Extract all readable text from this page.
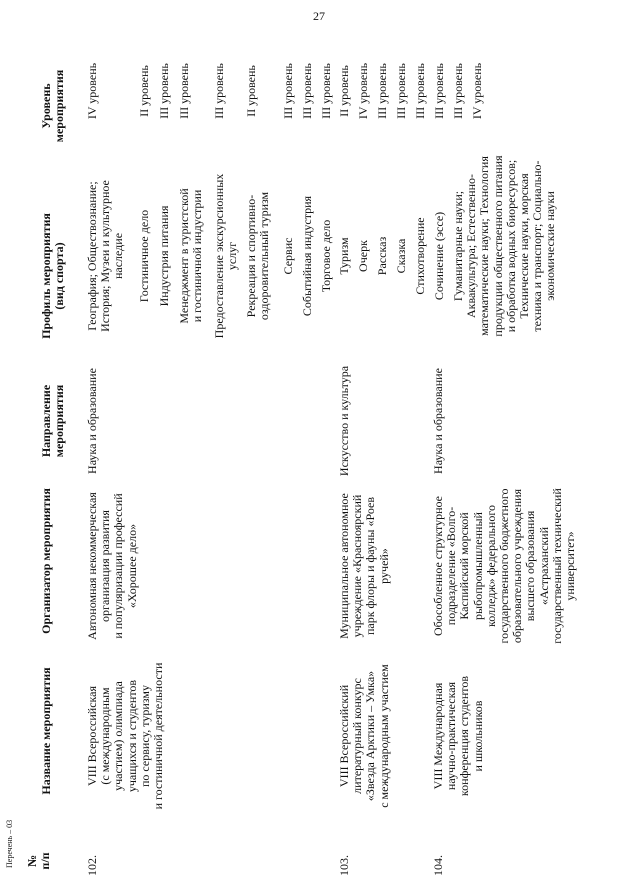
27
Перечень – 03 №
п/п
Название мероприятия
Организатор мероприятия
Направление
мероприятия
Профиль мероприятия
(вид спорта)
Уровень
мероприятия
102.
VIII Всероссийская
(с международным
участием) олимпиада
учащихся и студентов
по сервису, туризму
и гостиничной деятельности
Автономная некоммерческая
организация развития
и популяризации профессий
«Хорошее дело»
Наука и образование
География; Обществознание;
История; Музеи и культурное
наследие
IV уровень
Гостиничное дело
II уровень
Индустрия питания
III уровень
Менеджмент в туристской
и гостиничной индустрии
III уровень
Предоставление экскурсионных
услуг
III уровень
Рекреация и спортивно-
оздоровительный туризм
II уровень
Сервис
III уровень
Событийная индустрия
III уровень
Торговое дело
III уровень
103.
VIII Всероссийский
литературный конкурс
«Звезда Арктики – Умка»
с международным участием
Муниципальное автономное
учреждение «Красноярский
парк флоры и фауны «Роев
ручей»
Искусство и культура
Туризм
II уровень
Очерк
IV уровень
Рассказ
III уровень
Сказка
III уровень
Стихотворение
III уровень
Сочинение (эссе)
III уровень
104.
VIII Международная
научно-практическая
конференция студентов
и школьников
Обособленное структурное
подразделение «Волго-
Каспийский морской
рыбопромышленный
колледж» федерального
государственного бюджетного
образовательного учреждения
высшего образования
«Астраханский
государственный технический
университет»
Наука и образование
Гуманитарные науки;
Аквакультура; Естественно-
математические науки; Технология
продукции общественного питания
и обработка водных биоресурсов;
Технические науки, морская
техника и транспорт; Социально-
экономические науки
III уровень IV уровень
